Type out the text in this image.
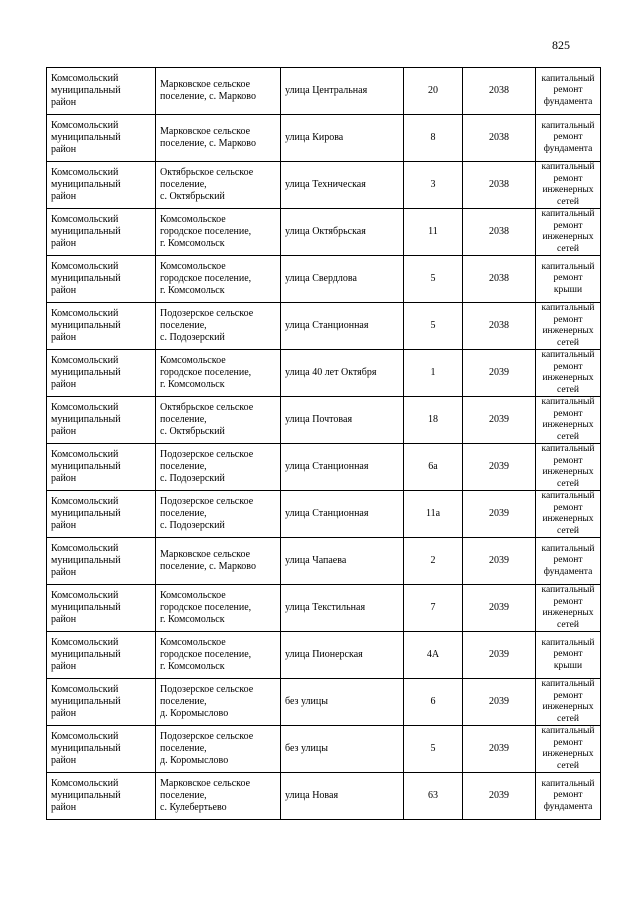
825
Комсомольский
муниципальный
район	Марковское сельское
поселение, с. Марково	улица Центральная	20	2038	капитальный
ремонт
фундамента

Комсомольский
муниципальный
район	Марковское сельское
поселение, с. Марково	улица Кирова	8	2038	капитальный
ремонт
фундамента

Комсомольский
муниципальный
район	Октябрьское сельское
поселение,
с. Октябрьский	улица Техническая	3	2038	капитальный
ремонт
инженерных
сетей

Комсомольский
муниципальный
район	Комсомольское
городское поселение,
г. Комсомольск	улица Октябрьская	11	2038	капитальный
ремонт
инженерных
сетей

Комсомольский
муниципальный
район	Комсомольское
городское поселение,
г. Комсомольск	улица Свердлова	5	2038	капитальный
ремонт крыши

Комсомольский
муниципальный
район	Подозерское сельское
поселение,
с. Подозерский	улица Станционная	5	2038	капитальный
ремонт
инженерных
сетей

Комсомольский
муниципальный
район	Комсомольское
городское поселение,
г. Комсомольск	улица 40 лет Октября	1	2039	капитальный
ремонт
инженерных
сетей

Комсомольский
муниципальный
район	Октябрьское сельское
поселение,
с. Октябрьский	улица Почтовая	18	2039	капитальный
ремонт
инженерных
сетей

Комсомольский
муниципальный
район	Подозерское сельское
поселение,
с. Подозерский	улица Станционная	6а	2039	капитальный
ремонт
инженерных
сетей

Комсомольский
муниципальный
район	Подозерское сельское
поселение,
с. Подозерский	улица Станционная	11а	2039	капитальный
ремонт
инженерных
сетей

Комсомольский
муниципальный
район	Марковское сельское
поселение, с. Марково	улица Чапаева	2	2039	капитальный
ремонт
фундамента

Комсомольский
муниципальный
район	Комсомольское
городское поселение,
г. Комсомольск	улица Текстильная	7	2039	капитальный
ремонт
инженерных
сетей

Комсомольский
муниципальный
район	Комсомольское
городское поселение,
г. Комсомольск	улица Пионерская	4А	2039	капитальный
ремонт крыши

Комсомольский
муниципальный
район	Подозерское сельское
поселение,
д. Коромыслово	без улицы	6	2039	капитальный
ремонт
инженерных
сетей

Комсомольский
муниципальный
район	Подозерское сельское
поселение,
д. Коромыслово	без улицы	5	2039	капитальный
ремонт
инженерных
сетей

Комсомольский
муниципальный
район	Марковское сельское
поселение,
с. Кулебертьево	улица Новая	63	2039	капитальный
ремонт
фундамента
